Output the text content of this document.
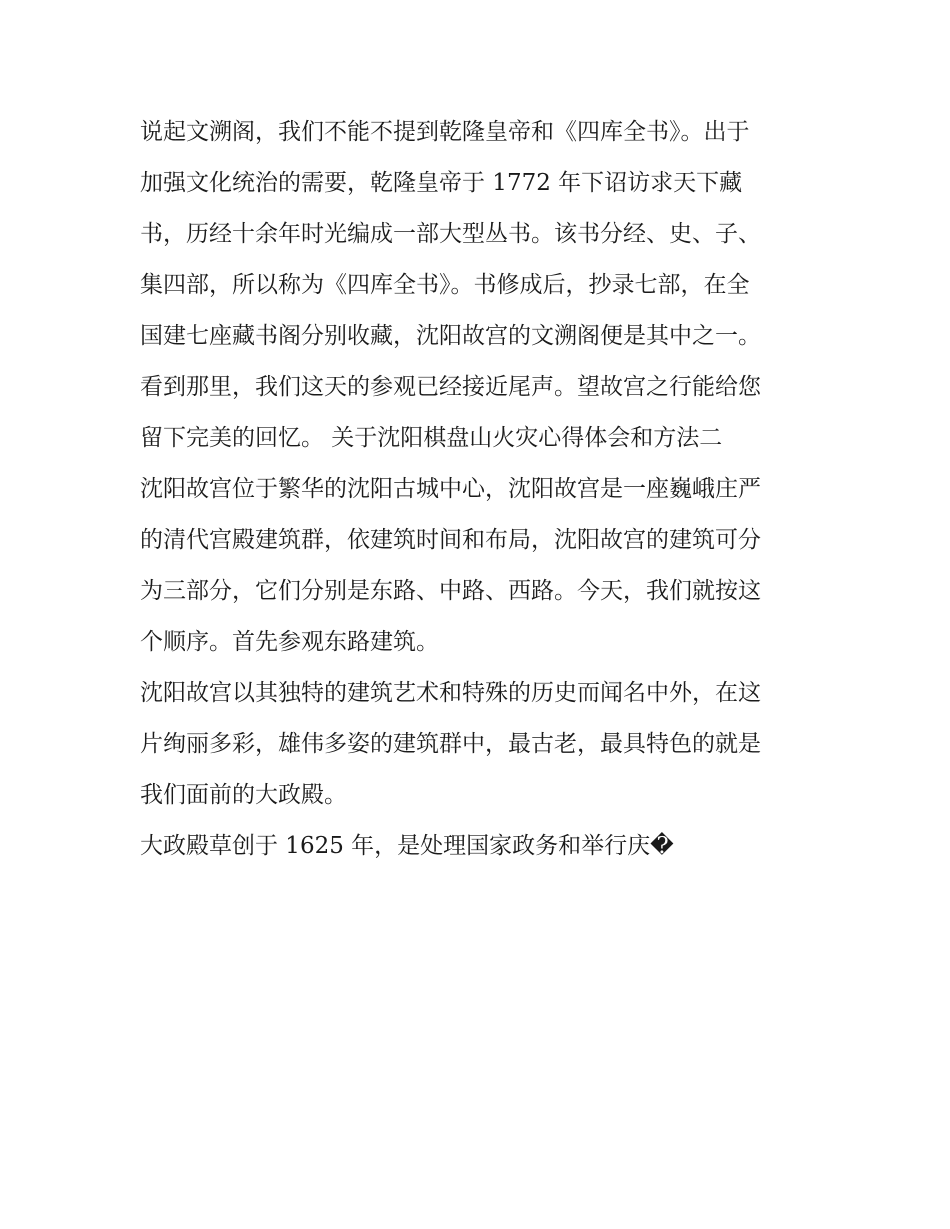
说起文溯阁，我们不能不提到乾隆皇帝和《四库全书》。出于
加强文化统治的需要，乾隆皇帝于 1772 年下诏访求天下藏
书，历经十余年时光编成一部大型丛书。该书分经、史、子、
集四部，所以称为《四库全书》。书修成后，抄录七部，在全
国建七座藏书阁分别收藏，沈阳故宫的文溯阁便是其中之一。
看到那里，我们这天的参观已经接近尾声。望故宫之行能给您
留下完美的回忆。 关于沈阳棋盘山火灾心得体会和方法二
沈阳故宫位于繁华的沈阳古城中心，沈阳故宫是一座巍峨庄严
的清代宫殿建筑群，依建筑时间和布局，沈阳故宫的建筑可分
为三部分，它们分别是东路、中路、西路。今天，我们就按这
个顺序。首先参观东路建筑。
沈阳故宫以其独特的建筑艺术和特殊的历史而闻名中外，在这
片绚丽多彩，雄伟多姿的建筑群中，最古老，最具特色的就是
我们面前的大政殿。
大政殿草创于 1625 年，是处理国家政务和举行庆�
